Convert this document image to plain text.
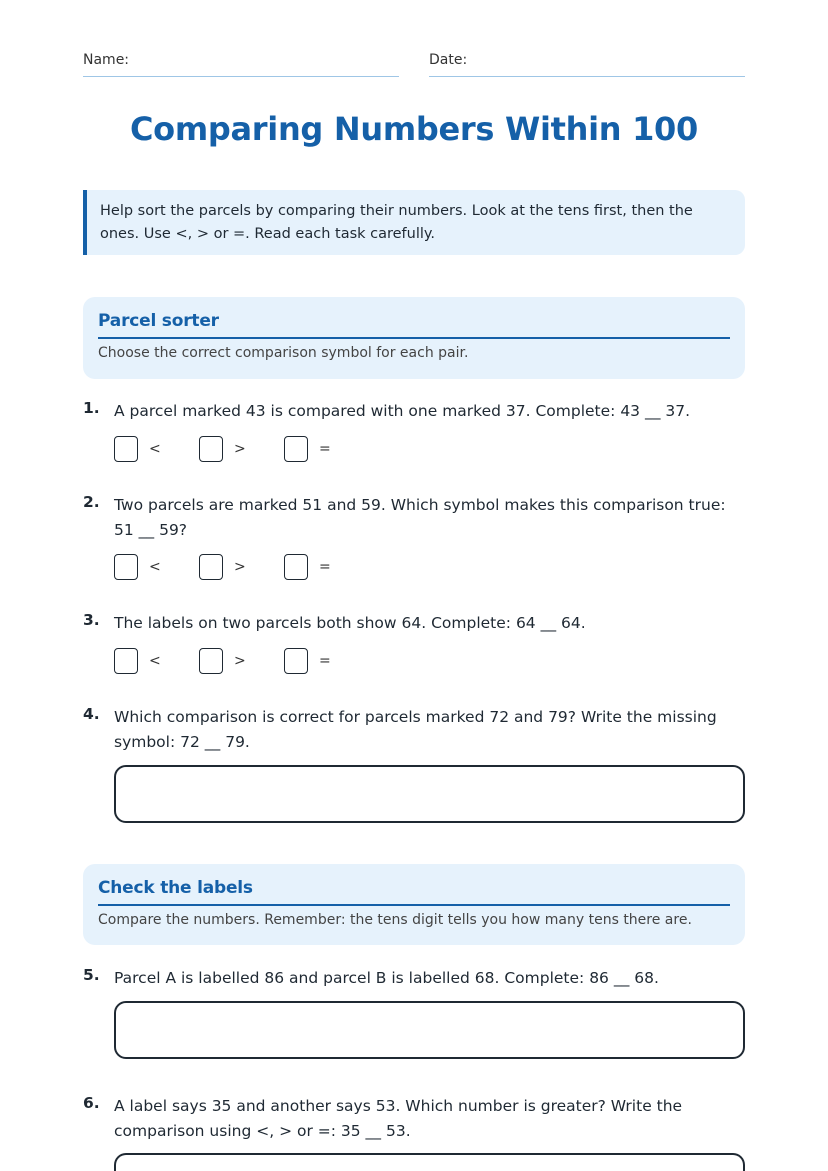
Name:	Date:
Comparing Numbers Within 100
Help sort the parcels by comparing their numbers. Look at the tens first, then the ones. Use <, > or =. Read each task carefully.
Parcel sorter
Choose the correct comparison symbol for each pair.
1. A parcel marked 43 is compared with one marked 37. Complete: 43 __ 37.
<	>	=
2. Two parcels are marked 51 and 59. Which symbol makes this comparison true: 51 __ 59?
<	>	=
3. The labels on two parcels both show 64. Complete: 64 __ 64.
<	>	=
4. Which comparison is correct for parcels marked 72 and 79? Write the missing symbol: 72 __ 79.
Check the labels
Compare the numbers. Remember: the tens digit tells you how many tens there are.
5. Parcel A is labelled 86 and parcel B is labelled 68. Complete: 86 __ 68.
6. A label says 35 and another says 53. Which number is greater? Write the comparison using <, > or =: 35 __ 53.
